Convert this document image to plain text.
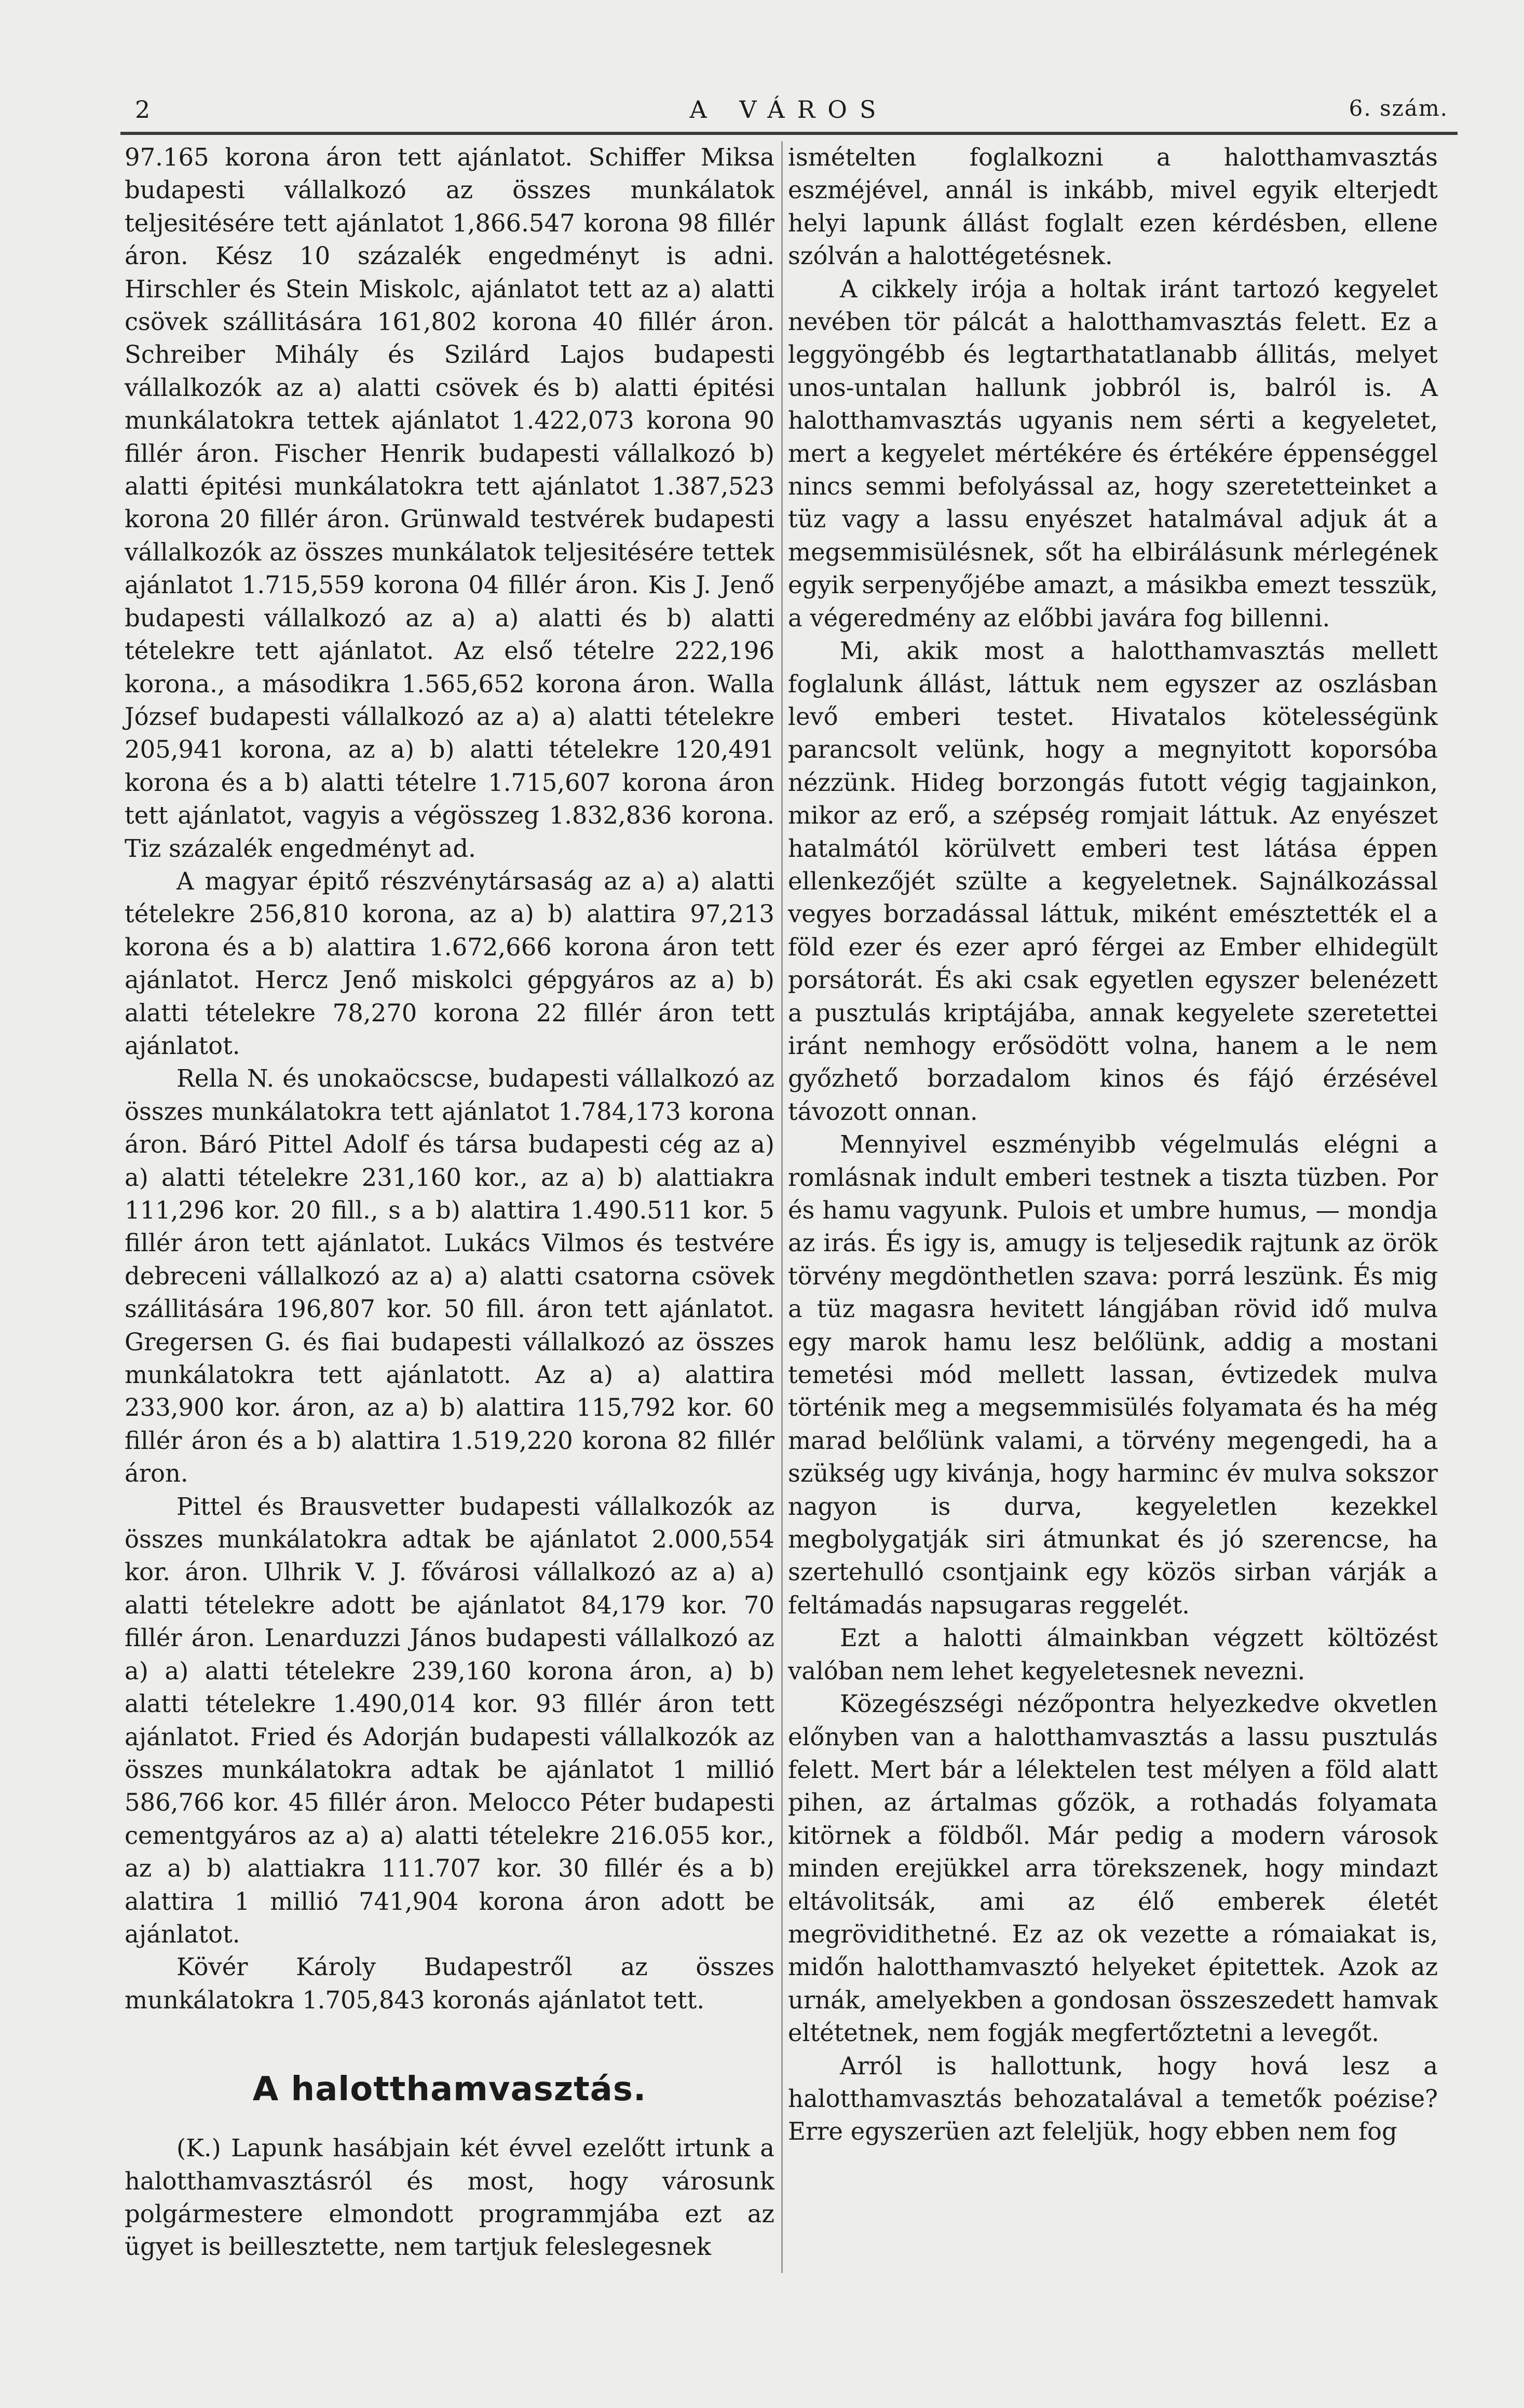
2	A VÁROS	6. szám.

97.165 korona áron tett ajánlatot. Schiffer Miksa budapesti vállalkozó az összes munkálatok teljesitésére tett ajánlatot 1,866.547 korona 98 fillér áron. Kész 10 százalék engedményt is adni. Hirschler és Stein Miskolc, ajánlatot tett az a) alatti csövek szállitására 161,802 korona 40 fillér áron. Schreiber Mihály és Szilárd Lajos budapesti vállalkozók az a) alatti csövek és b) alatti épitési munkálatokra tettek ajánlatot 1.422,073 korona 90 fillér áron. Fischer Henrik budapesti vállalkozó b) alatti épitési munkálatokra tett ajánlatot 1.387,523 korona 20 fillér áron. Grünwald testvérek budapesti vállalkozók az összes munkálatok teljesitésére tettek ajánlatot 1.715,559 korona 04 fillér áron. Kis J. Jenő budapesti vállalkozó az a) a) alatti és b) alatti tételekre tett ajánlatot. Az első tételre 222,196 korona., a másodikra 1.565,652 korona áron. Walla József budapesti vállalkozó az a) a) alatti tételekre 205,941 korona, az a) b) alatti tételekre 120,491 korona és a b) alatti tételre 1.715,607 korona áron tett ajánlatot, vagyis a végösszeg 1.832,836 korona. Tiz százalék engedményt ad.

A magyar épitő részvénytársaság az a) a) alatti tételekre 256,810 korona, az a) b) alattira 97,213 korona és a b) alattira 1.672,666 korona áron tett ajánlatot. Hercz Jenő miskolci gépgyáros az a) b) alatti tételekre 78,270 korona 22 fillér áron tett ajánlatot.

Rella N. és unokaöcscse, budapesti vállalkozó az összes munkálatokra tett ajánlatot 1.784,173 korona áron. Báró Pittel Adolf és társa budapesti cég az a) a) alatti tételekre 231,160 kor., az a) b) alattiakra 111,296 kor. 20 fill., s a b) alattira 1.490.511 kor. 5 fillér áron tett ajánlatot. Lukács Vilmos és testvére debreceni vállalkozó az a) a) alatti csatorna csövek szállitására 196,807 kor. 50 fill. áron tett ajánlatot. Gregersen G. és fiai budapesti vállalkozó az összes munkálatokra tett ajánlatott. Az a) a) alattira 233,900 kor. áron, az a) b) alattira 115,792 kor. 60 fillér áron és a b) alattira 1.519,220 korona 82 fillér áron.

Pittel és Brausvetter budapesti vállalkozók az összes munkálatokra adtak be ajánlatot 2.000,554 kor. áron. Ulhrik V. J. fővárosi vállalkozó az a) a) alatti tételekre adott be ajánlatot 84,179 kor. 70 fillér áron. Lenarduzzi János budapesti vállalkozó az a) a) alatti tételekre 239,160 korona áron, a) b) alatti tételekre 1.490,014 kor. 93 fillér áron tett ajánlatot. Fried és Adorján budapesti vállalkozók az összes munkálatokra adtak be ajánlatot 1 millió 586,766 kor. 45 fillér áron. Melocco Péter budapesti cementgyáros az a) a) alatti tételekre 216.055 kor., az a) b) alattiakra 111.707 kor. 30 fillér és a b) alattira 1 millió 741,904 korona áron adott be ajánlatot.

Kövér Károly Budapestről az összes munkálatokra 1.705,843 koronás ajánlatot tett.

A halotthamvasztás.

(K.) Lapunk hasábjain két évvel ezelőtt irtunk a halotthamvasztásról és most, hogy városunk polgármestere elmondott programmjába ezt az ügyet is beillesztette, nem tartjuk feleslegesnek

ismételten foglalkozni a halotthamvasztás eszméjével, annál is inkább, mivel egyik elterjedt helyi lapunk állást foglalt ezen kérdésben, ellene szólván a halottégetésnek.

A cikkely irója a holtak iránt tartozó kegyelet nevében tör pálcát a halotthamvasztás felett. Ez a leggyöngébb és legtarthatatlanabb állitás, melyet unos-untalan hallunk jobbról is, balról is. A halotthamvasztás ugyanis nem sérti a kegyeletet, mert a kegyelet mértékére és értékére éppenséggel nincs semmi befolyással az, hogy szeretetteinket a tüz vagy a lassu enyészet hatalmával adjuk át a megsemmisülésnek, sőt ha elbirálásunk mérlegének egyik serpenyőjébe amazt, a másikba emezt tesszük, a végeredmény az előbbi javára fog billenni.

Mi, akik most a halotthamvasztás mellett foglalunk állást, láttuk nem egyszer az oszlásban levő emberi testet. Hivatalos kötelességünk parancsolt velünk, hogy a megnyitott koporsóba nézzünk. Hideg borzongás futott végig tagjainkon, mikor az erő, a szépség romjait láttuk. Az enyészet hatalmától körülvett emberi test látása éppen ellenkezőjét szülte a kegyeletnek. Sajnálkozással vegyes borzadással láttuk, miként emésztették el a föld ezer és ezer apró férgei az Ember elhidegült porsátorát. És aki csak egyetlen egyszer belenézett a pusztulás kriptájába, annak kegyelete szeretettei iránt nemhogy erősödött volna, hanem a le nem győzhető borzadalom kinos és fájó érzésével távozott onnan.

Mennyivel eszményibb végelmulás elégni a romlásnak indult emberi testnek a tiszta tüzben. Por és hamu vagyunk. Pulois et umbre humus, — mondja az irás. És igy is, amugy is teljesedik rajtunk az örök törvény megdönthetlen szava: porrá leszünk. És mig a tüz magasra hevitett lángjában rövid idő mulva egy marok hamu lesz belőlünk, addig a mostani temetési mód mellett lassan, évtizedek mulva történik meg a megsemmisülés folyamata és ha még marad belőlünk valami, a törvény megengedi, ha a szükség ugy kivánja, hogy harminc év mulva sokszor nagyon is durva, kegyeletlen kezekkel megbolygatják siri átmunkat és jó szerencse, ha szertehulló csontjaink egy közös sirban várják a feltámadás napsugaras reggelét.

Ezt a halotti álmainkban végzett költözést valóban nem lehet kegyeletesnek nevezni.

Közegészségi nézőpontra helyezkedve okvetlen előnyben van a halotthamvasztás a lassu pusztulás felett. Mert bár a lélektelen test mélyen a föld alatt pihen, az ártalmas gőzök, a rothadás folyamata kitörnek a földből. Már pedig a modern városok minden erejükkel arra törekszenek, hogy mindazt eltávolitsák, ami az élő emberek életét megrövidithetné. Ez az ok vezette a rómaiakat is, midőn halotthamvasztó helyeket épitettek. Azok az urnák, amelyekben a gondosan összeszedett hamvak eltétetnek, nem fogják megfertőztetni a levegőt.

Arról is hallottunk, hogy hová lesz a halotthamvasztás behozatalával a temetők poézise? Erre egyszerüen azt feleljük, hogy ebben nem fog
